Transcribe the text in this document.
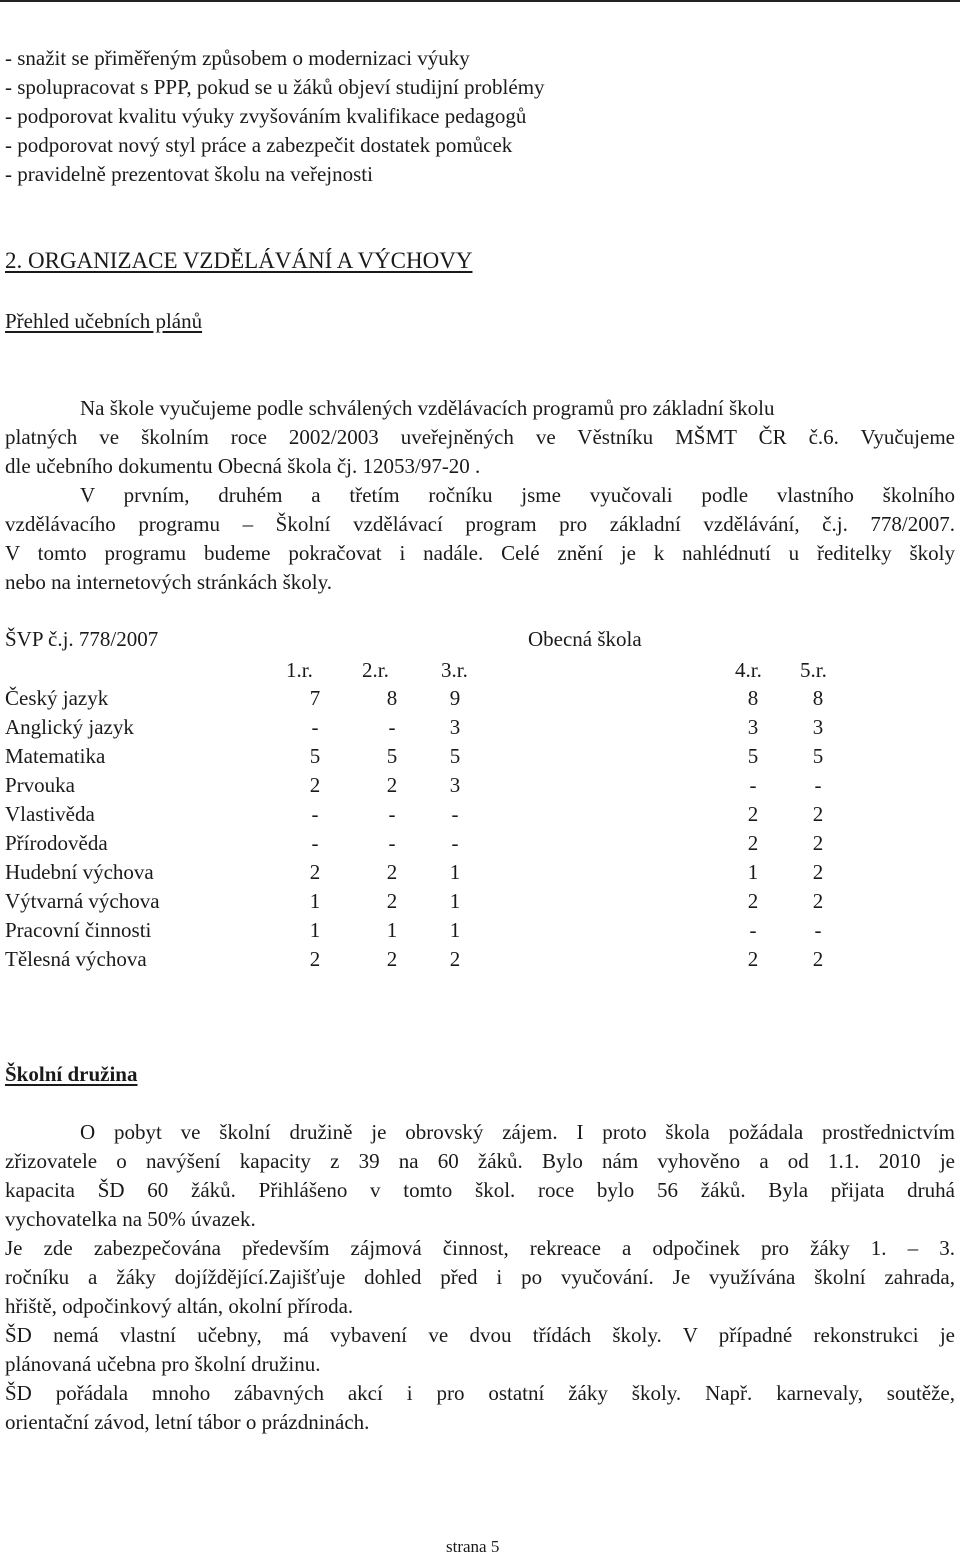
- snažit se přiměřeným způsobem o modernizaci výuky
- spolupracovat s PPP, pokud se u žáků objeví studijní problémy
- podporovat kvalitu výuky zvyšováním kvalifikace pedagogů
- podporovat nový styl práce a zabezpečit dostatek pomůcek
- pravidelně prezentovat školu na veřejnosti
2. ORGANIZACE VZDĚLÁVÁNÍ A VÝCHOVY
Přehled učebních plánů
Na škole vyučujeme podle schválených vzdělávacích programů pro základní školu
platných ve školním roce 2002/2003 uveřejněných ve Věstníku MŠMT ČR č.6. Vyučujeme
dle učebního dokumentu Obecná škola čj. 12053/97-20 .
V prvním, druhém a třetím ročníku jsme vyučovali podle vlastního školního
vzdělávacího programu – Školní vzdělávací program pro základní vzdělávání, č.j. 778/2007.
V tomto programu budeme pokračovat i nadále. Celé znění je k nahlédnutí u ředitelky školy
nebo na internetových stránkách školy.
ŠVP č.j. 778/2007	Obecná škola
1.r. 2.r. 3.r.	4.r. 5.r.
Český jazyk	7	8	9	8	8
Anglický jazyk	-	-	3	3	3
Matematika	5	5	5	5	5
Prvouka	2	2	3	-	-
Vlastivěda	-	-	-	2	2
Přírodověda	-	-	-	2	2
Hudební výchova	2	2	1	1	2
Výtvarná výchova	1	2	1	2	2
Pracovní činnosti	1	1	1	-	-
Tělesná výchova	2	2	2	2	2
Školní družina
O pobyt ve školní družině je obrovský zájem. I proto škola požádala prostřednictvím
zřizovatele o navýšení kapacity z 39 na 60 žáků. Bylo nám vyhověno a od 1.1. 2010 je
kapacita ŠD 60 žáků. Přihlášeno v tomto škol. roce bylo 56 žáků. Byla přijata druhá
vychovatelka na 50% úvazek.
Je zde zabezpečována především zájmová činnost, rekreace a odpočinek pro žáky 1. – 3.
ročníku a žáky dojíždějící.Zajišťuje dohled před i po vyučování. Je využívána školní zahrada,
hřiště, odpočinkový altán, okolní příroda.
ŠD nemá vlastní učebny, má vybavení ve dvou třídách školy. V případné rekonstrukci je
plánovaná učebna pro školní družinu.
ŠD pořádala mnoho zábavných akcí i pro ostatní žáky školy. Např. karnevaly, soutěže,
orientační závod, letní tábor o prázdninách.
strana 5
